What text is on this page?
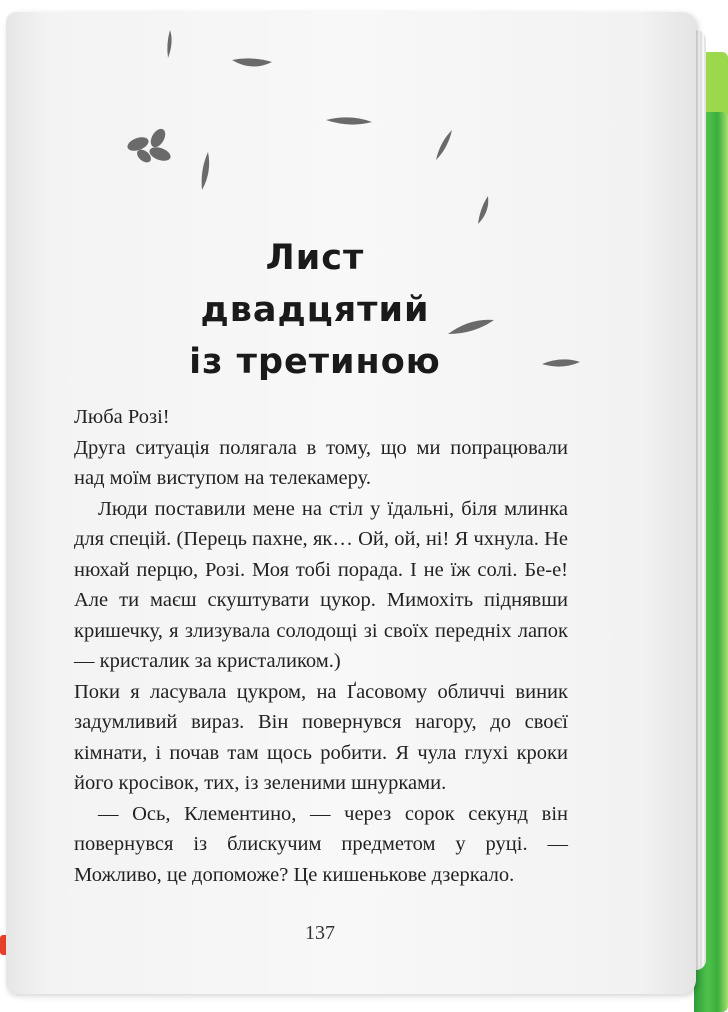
Лист двадцятий
із третиною

Люба Розі!

Друга ситуація полягала в тому, що ми попрацювали над моїм виступом на телекамеру.

Люди поставили мене на стіл у їдальні, біля млинка для спецій. (Перець пахне, як… Ой, ой, ні! Я чхнула. Не нюхай перцю, Розі. Моя тобі порада. І не їж солі. Бе-е! Але ти маєш скуштувати цукор. Мимохіть піднявши кришечку, я злизувала солодощі зі своїх передніх лапок — кристалик за кристаликом.)

Поки я ласувала цукром, на Ґасовому обличчі виник задумливий вираз. Він повернувся нагору, до своєї кімнати, і почав там щось робити. Я чула глухі кроки його кросівок, тих, із зеленими шнурками.

— Ось, Клементино, — через сорок секунд він повернувся із блискучим предметом у руці. — Можливо, це допоможе? Це кишенькове дзеркало.

137
